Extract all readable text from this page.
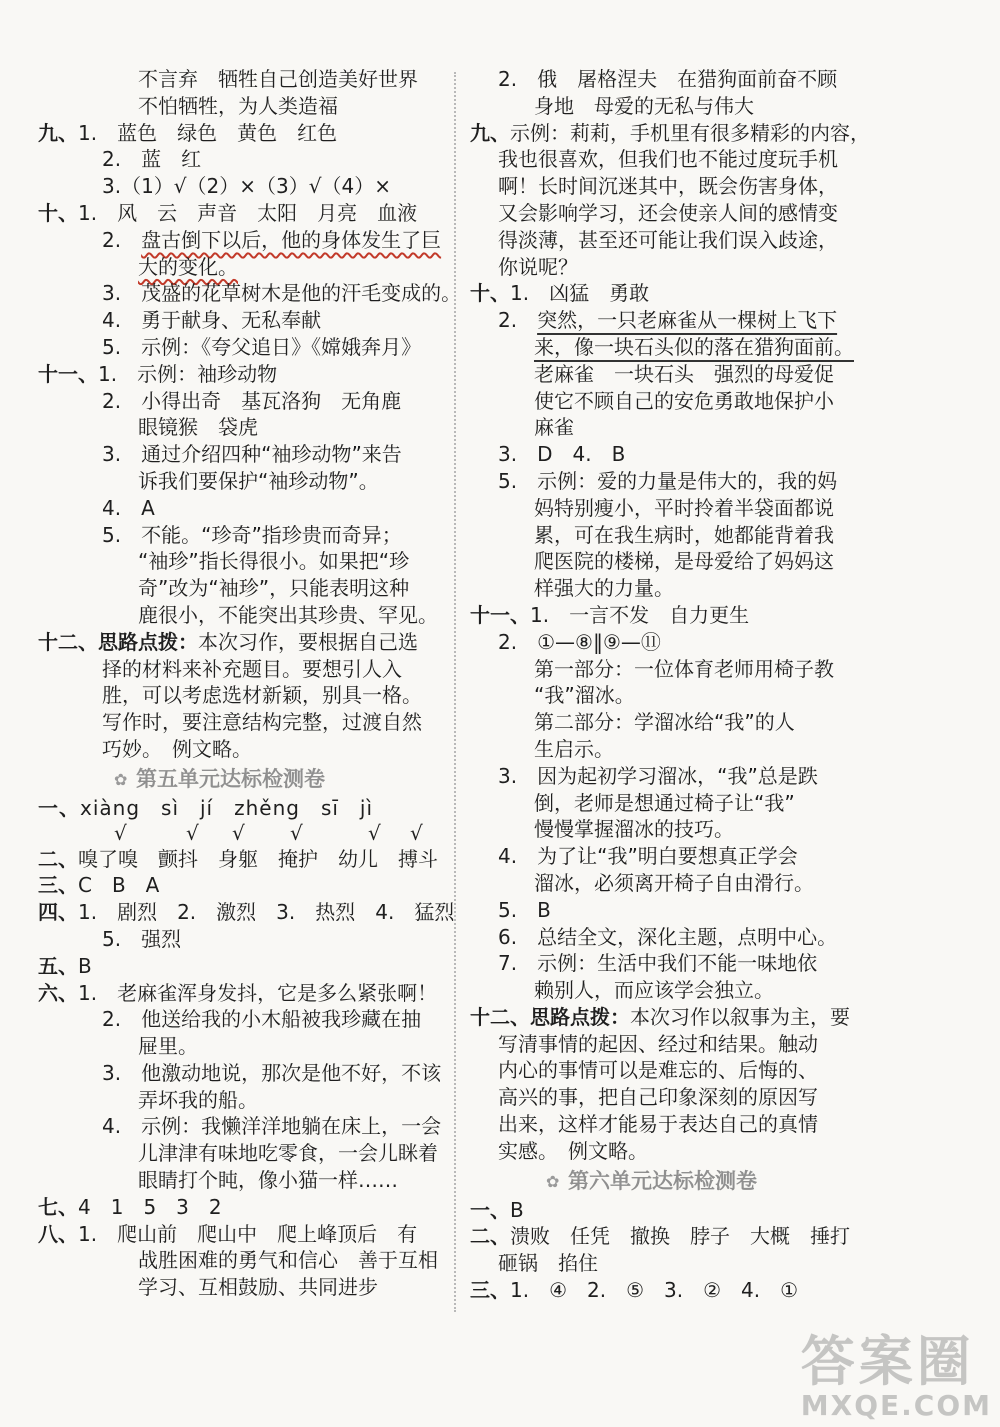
不言弃　牺牲自己创造美好世界
不怕牺牲，为人类造福
九、1.　蓝色　绿色　黄色　红色
2.　蓝　红
3.（1）√（2）×（3）√（4）×
十、1.　风　云　声音　太阳　月亮　血液
2.　盘古倒下以后，他的身体发生了巨
大的变化。
3.　茂盛的花草树木是他的汗毛变成的。
4.　勇于献身、无私奉献
5.　示例：《夸父追日》《嫦娥奔月》
十一、1.　示例：袖珍动物
2.　小得出奇　基瓦洛狗　无角鹿
眼镜猴　袋虎
3.　通过介绍四种“袖珍动物”来告
诉我们要保护“袖珍动物”。
4.　A
5.　不能。“珍奇”指珍贵而奇异；
“袖珍”指长得很小。如果把“珍
奇”改为“袖珍”，只能表明这种
鹿很小，不能突出其珍贵、罕见。
十二、思路点拨：本次习作，要根据自己选
择的材料来补充题目。要想引人入
胜，可以考虑选材新颖，别具一格。
写作时，要注意结构完整，过渡自然
巧妙。　例文略。
✿ 第五单元达标检测卷
一、xiàng　sì　jí　zhěng　sī　jì
√	√ √ √	√ √
二、嗅了嗅　颤抖　身躯　掩护　幼儿　搏斗
三、C　B　A
四、1.　剧烈　2.　激烈　3.　热烈　4.　猛烈
5.　强烈
五、B
六、1.　老麻雀浑身发抖，它是多么紧张啊！
2.　他送给我的小木船被我珍藏在抽
屉里。
3.　他激动地说，那次是他不好，不该
弄坏我的船。
4.　示例：我懒洋洋地躺在床上，一会
儿津津有味地吃零食，一会儿眯着
眼睛打个盹，像小猫一样……
七、4　1　5　3　2
八、1.　爬山前　爬山中　爬上峰顶后　有
战胜困难的勇气和信心　善于互相
学习、互相鼓励、共同进步
2.　俄　屠格涅夫　在猎狗面前奋不顾
身地　母爱的无私与伟大
九、示例：莉莉，手机里有很多精彩的内容，
我也很喜欢，但我们也不能过度玩手机
啊！长时间沉迷其中，既会伤害身体，
又会影响学习，还会使亲人间的感情变
得淡薄，甚至还可能让我们误入歧途，
你说呢？
十、1.　凶猛　勇敢
2.　突然，一只老麻雀从一棵树上飞下
来，像一块石头似的落在猎狗面前。
老麻雀　一块石头　强烈的母爱促
使它不顾自己的安危勇敢地保护小
麻雀
3.　D　4.　B
5.　示例：爱的力量是伟大的，我的妈
妈特别瘦小，平时拎着半袋面都说
累，可在我生病时，她都能背着我
爬医院的楼梯，是母爱给了妈妈这
样强大的力量。
十一、1.　一言不发　自力更生
2.　①—⑧‖⑨—⑪
第一部分：一位体育老师用椅子教
“我”溜冰。
第二部分：学溜冰给“我”的人
生启示。
3.　因为起初学习溜冰，“我”总是跌
倒，老师是想通过椅子让“我”
慢慢掌握溜冰的技巧。
4.　为了让“我”明白要想真正学会
溜冰，必须离开椅子自由滑行。
5.　B
6.　总结全文，深化主题，点明中心。
7.　示例：生活中我们不能一味地依
赖别人，而应该学会独立。
十二、思路点拨：本次习作以叙事为主，要
写清事情的起因、经过和结果。触动
内心的事情可以是难忘的、后悔的、
高兴的事，把自己印象深刻的原因写
出来，这样才能易于表达自己的真情
实感。　例文略。
✿ 第六单元达标检测卷
一、B
二、溃败　任凭　撤换　脖子　大概　捶打
砸锅　掐住
三、1.　④　2.　⑤　3.　②　4.　①
答案圈
MXQE.COM
